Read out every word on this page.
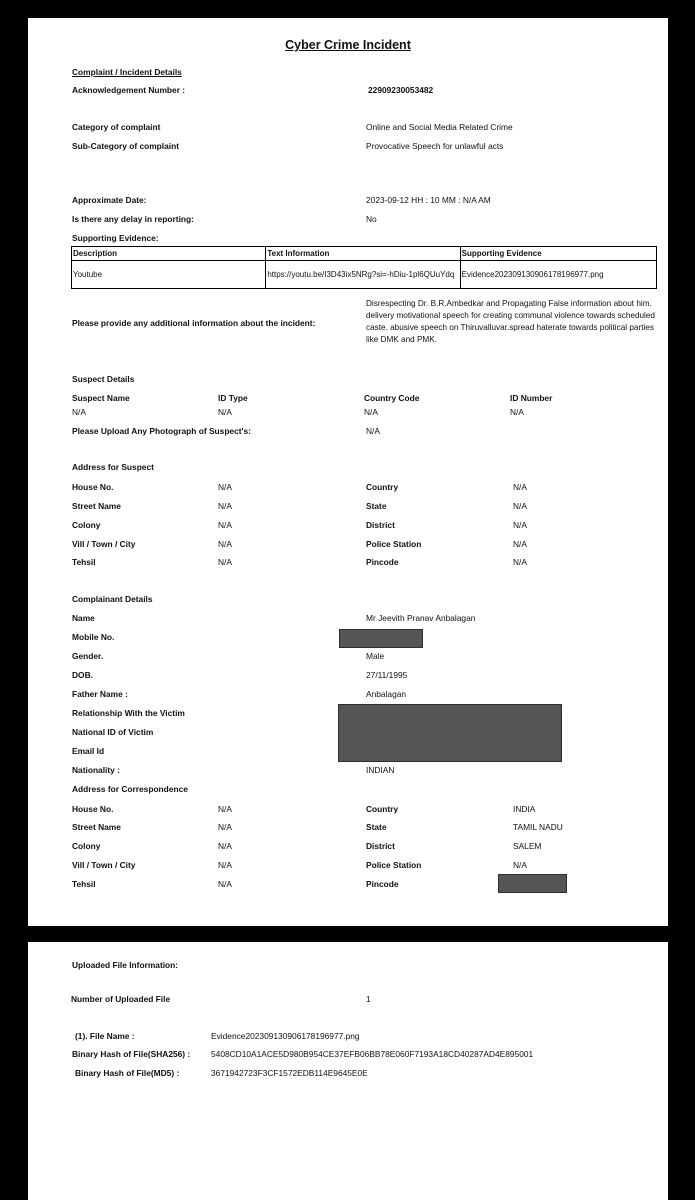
Cyber Crime Incident
Complaint / Incident Details
Acknowledgement Number :	22909230053482
Category of complaint	Online and Social Media Related Crime
Sub-Category of complaint	Provocative Speech for unlawful acts
Approximate Date:	2023-09-12 HH : 10 MM : N/A AM
Is there any delay in reporting:	No
Supporting Evidence:
Description	Text Information	Supporting Evidence
Youtube	https://youtu.be/I3D43ix5NRg?si=-hDiu-1pl6QUuYdq	Evidence20230913090617819697​7.png
Disrespecting Dr. B.R.Ambedkar and Propagating False information about him. delivery motivational speech for creating communal violence towards scheduled caste. abusive speech on Thiruvalluvar.spread haterate towards political parties like DMK and PMK.
Please provide any additional information about the incident:
Suspect Details
Suspect Name	ID Type	Country Code	ID Number
N/A	N/A	N/A	N/A
Please Upload Any Photograph of Suspect's:	N/A
Address for Suspect
House No.	N/A	Country	N/A
Street Name	N/A	State	N/A
Colony	N/A	District	N/A
Vill / Town / City	N/A	Police Station	N/A
Tehsil	N/A	Pincode	N/A
Complainant Details
Name	Mr Jeevith Pranav Anbalagan
Mobile No.
Gender.	Male
DOB.	27/11/1995
Father Name :	Anbalagan
Relationship With the Victim
National ID of Victim
Email Id
Nationality :	INDIAN
Address for Correspondence
House No.	N/A	Country	INDIA
Street Name	N/A	State	TAMIL NADU
Colony	N/A	District	SALEM
Vill / Town / City	N/A	Police Station	N/A
Tehsil	N/A	Pincode
Uploaded File Information:
Number of Uploaded File	1
(1). File Name :	Evidence20230913090617819697​7.png
Binary Hash of File(SHA256) : 5408CD10A1ACE5D980B954CE37EFB06BB78E060F7193A18CD40287AD4E895001
Binary Hash of File(MD5) :	3671942723F3CF1572EDB114E9645E0E
